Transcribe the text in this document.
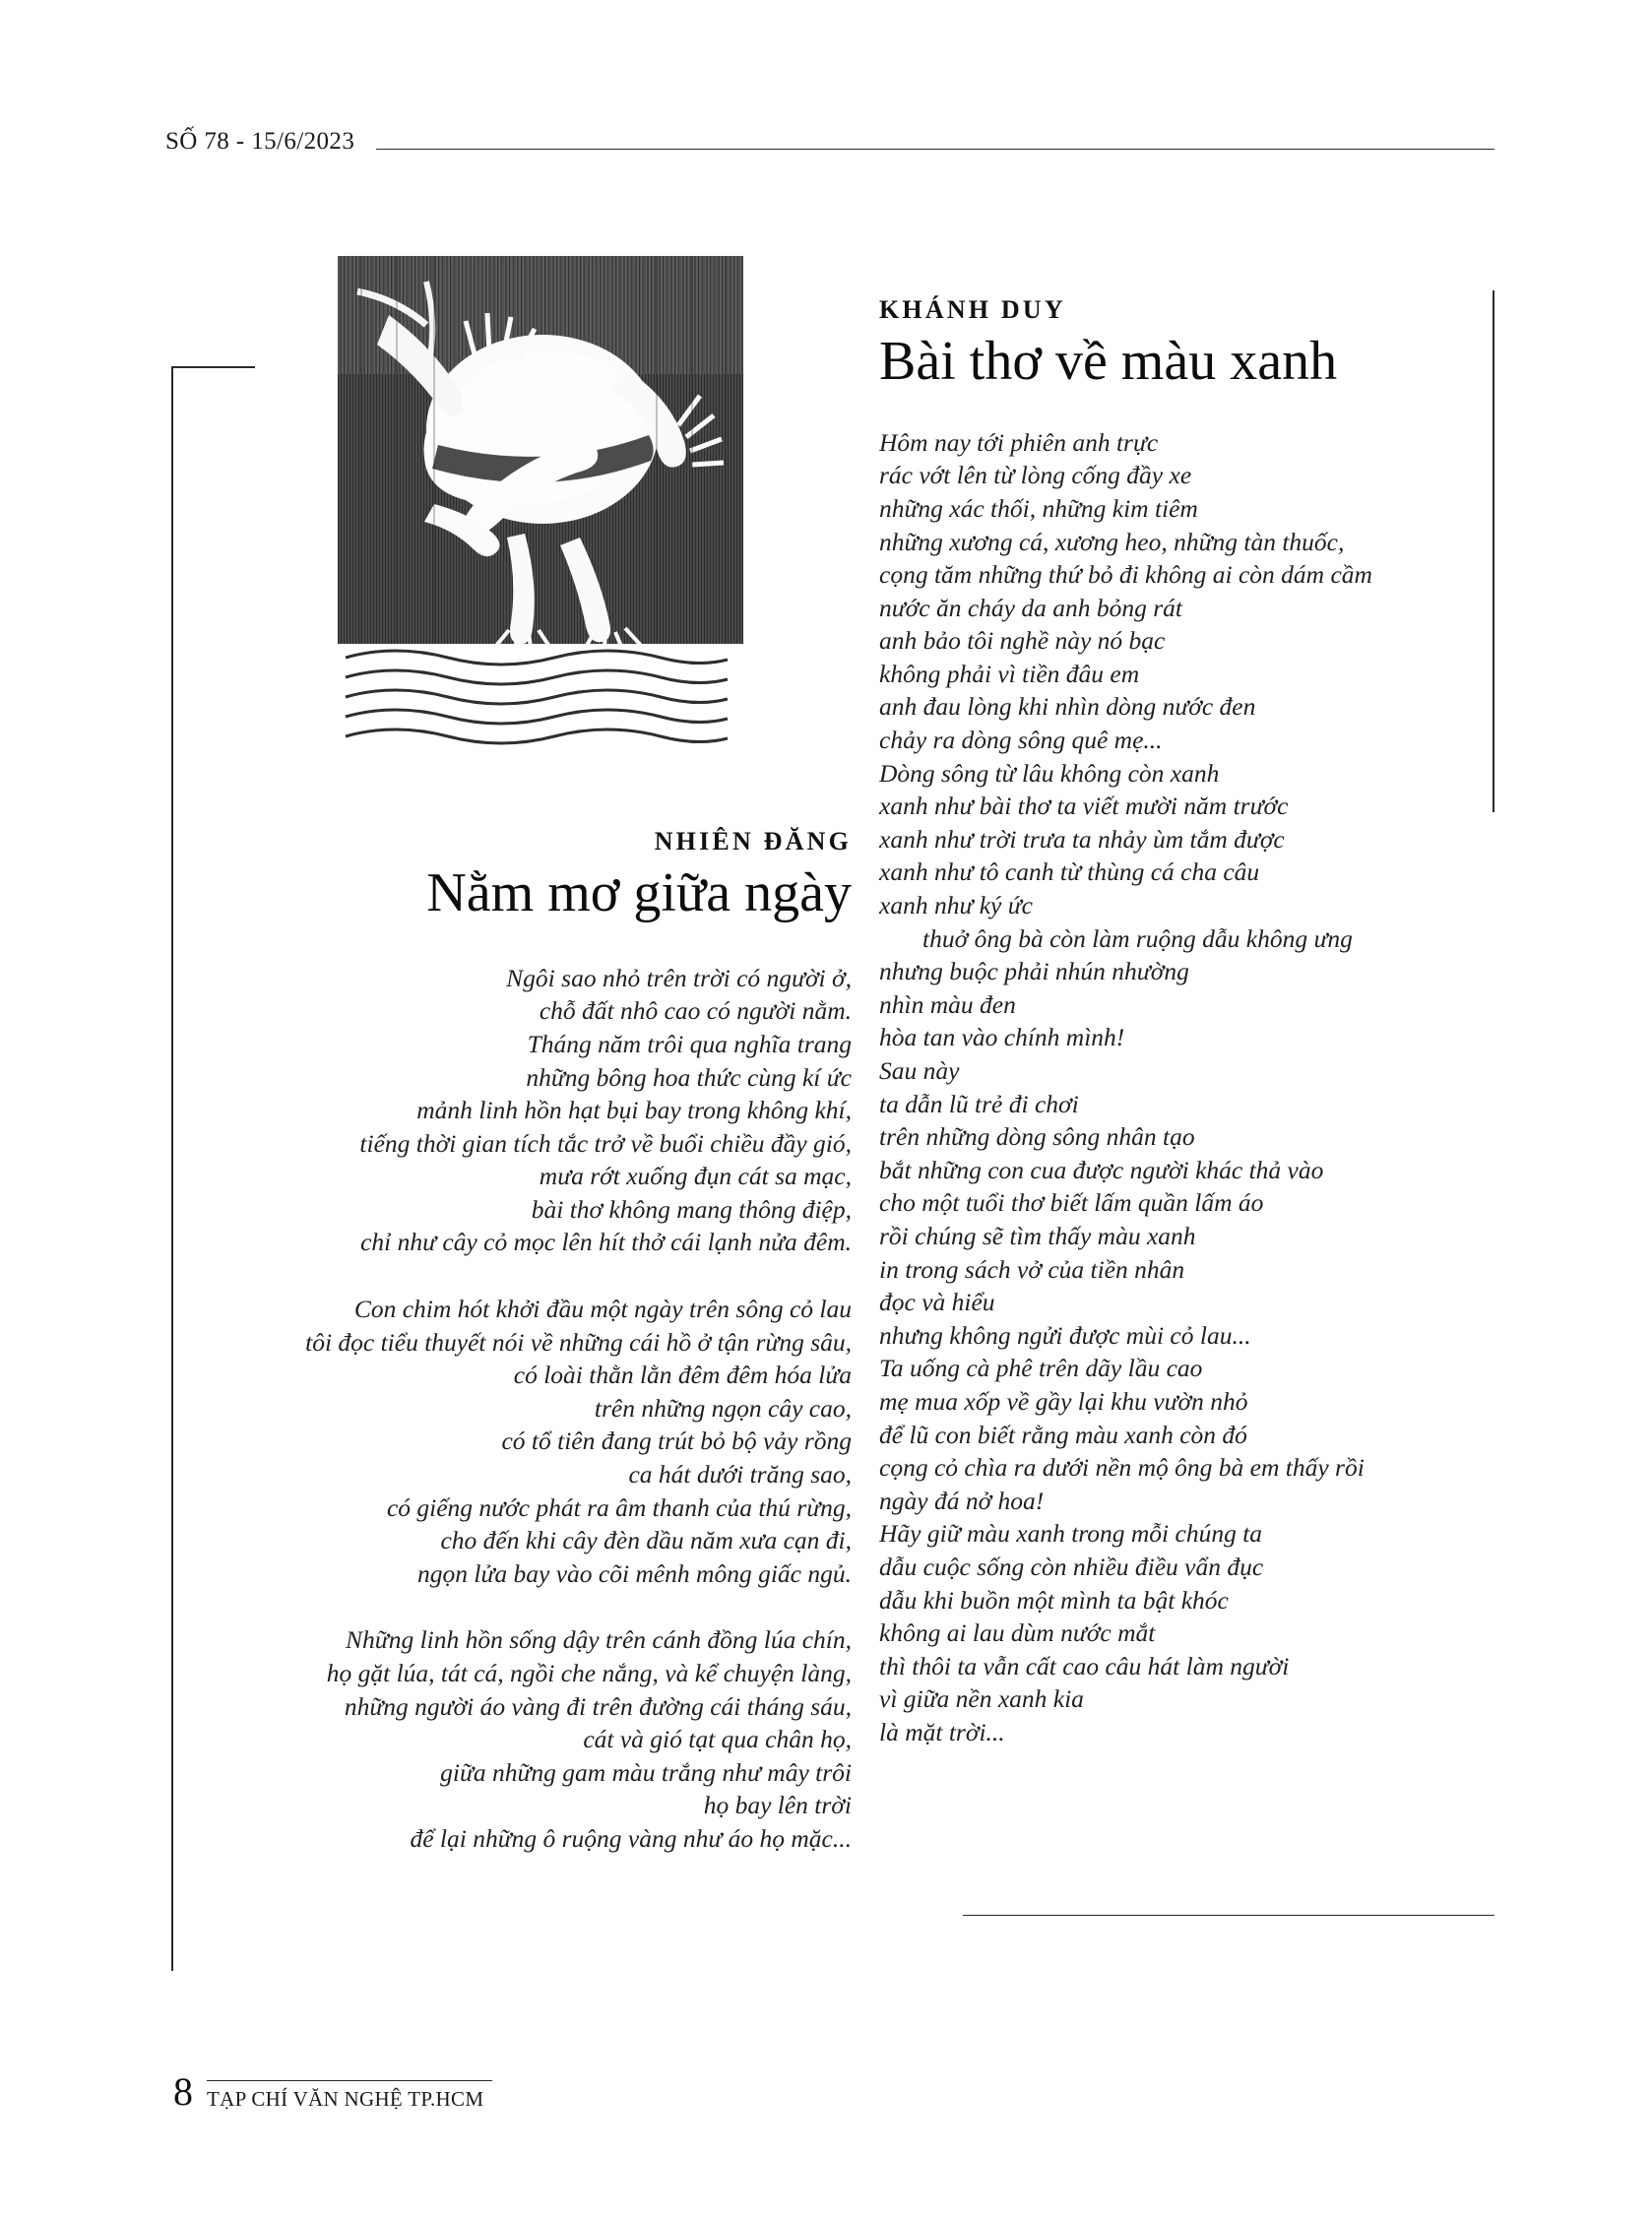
SỐ 78 - 15/6/2023
NHIÊN ĐĂNG
Nằm mơ giữa ngày
Ngôi sao nhỏ trên trời có người ở,
chỗ đất nhô cao có người nằm.
Tháng năm trôi qua nghĩa trang
những bông hoa thức cùng kí ức
mảnh linh hồn hạt bụi bay trong không khí,
tiếng thời gian tích tắc trở về buổi chiều đầy gió,
mưa rớt xuống đụn cát sa mạc,
bài thơ không mang thông điệp,
chỉ như cây cỏ mọc lên hít thở cái lạnh nửa đêm.
Con chim hót khởi đầu một ngày trên sông cỏ lau
tôi đọc tiểu thuyết nói về những cái hồ ở tận rừng sâu,
có loài thằn lằn đêm đêm hóa lửa
trên những ngọn cây cao,
có tổ tiên đang trút bỏ bộ vảy rồng
ca hát dưới trăng sao,
có giếng nước phát ra âm thanh của thú rừng,
cho đến khi cây đèn dầu năm xưa cạn đi,
ngọn lửa bay vào cõi mênh mông giấc ngủ.
Những linh hồn sống dậy trên cánh đồng lúa chín,
họ gặt lúa, tát cá, ngồi che nắng, và kể chuyện làng,
những người áo vàng đi trên đường cái tháng sáu,
cát và gió tạt qua chân họ,
giữa những gam màu trắng như mây trôi
họ bay lên trời
để lại những ô ruộng vàng như áo họ mặc...
KHÁNH DUY
Bài thơ về màu xanh
Hôm nay tới phiên anh trực
rác vớt lên từ lòng cống đầy xe
những xác thối, những kim tiêm
những xương cá, xương heo, những tàn thuốc,
cọng tăm những thứ bỏ đi không ai còn dám cầm
nước ăn cháy da anh bỏng rát
anh bảo tôi nghề này nó bạc
không phải vì tiền đâu em
anh đau lòng khi nhìn dòng nước đen
chảy ra dòng sông quê mẹ...
Dòng sông từ lâu không còn xanh
xanh như bài thơ ta viết mười năm trước
xanh như trời trưa ta nhảy ùm tắm được
xanh như tô canh từ thùng cá cha câu
xanh như ký ức
thuở ông bà còn làm ruộng dẫu không ưng
nhưng buộc phải nhún nhường
nhìn màu đen
hòa tan vào chính mình!
Sau này
ta dẫn lũ trẻ đi chơi
trên những dòng sông nhân tạo
bắt những con cua được người khác thả vào
cho một tuổi thơ biết lấm quần lấm áo
rồi chúng sẽ tìm thấy màu xanh
in trong sách vở của tiền nhân
đọc và hiểu
nhưng không ngửi được mùi cỏ lau...
Ta uống cà phê trên dãy lầu cao
mẹ mua xốp về gầy lại khu vườn nhỏ
để lũ con biết rằng màu xanh còn đó
cọng cỏ chìa ra dưới nền mộ ông bà em thấy rồi
ngày đá nở hoa!
Hãy giữ màu xanh trong mỗi chúng ta
dẫu cuộc sống còn nhiều điều vẩn đục
dẫu khi buồn một mình ta bật khóc
không ai lau dùm nước mắt
thì thôi ta vẫn cất cao câu hát làm người
vì giữa nền xanh kia
là mặt trời...
8 TẠP CHÍ VĂN NGHỆ TP.HCM
